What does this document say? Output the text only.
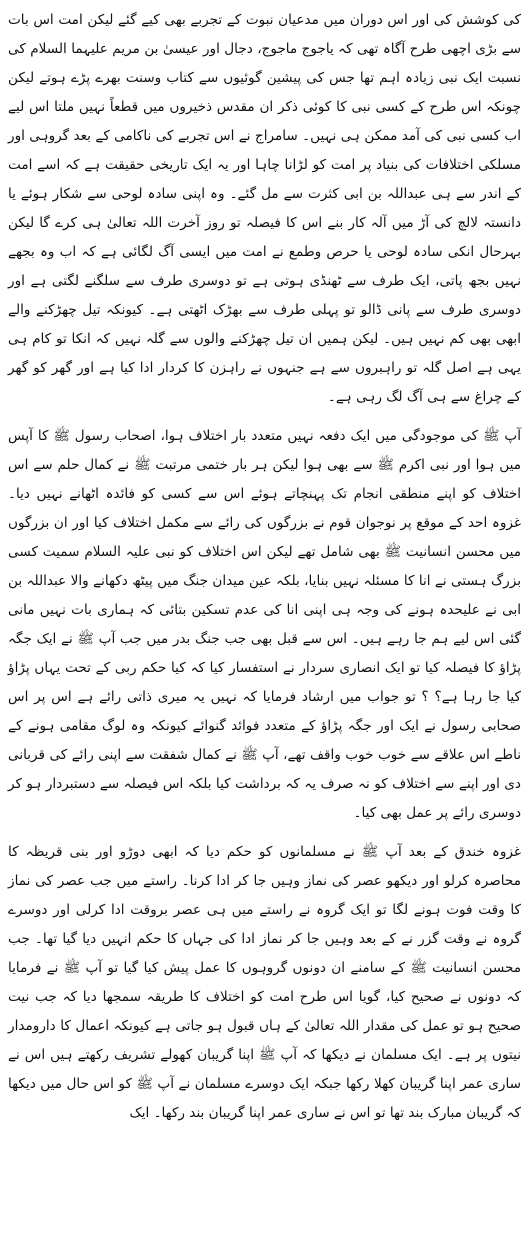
کی کوشش کی اور اس دوران میں مدعیان نبوت کے تجربے بھی کیے گئے لیکن امت اس بات سے بڑی اچھی طرح آگاہ تھی کہ یاجوج ماجوج، دجال اور عیسیٰ بن مریم علیہما السلام کی نسبت ایک نبی زیادہ اہم تھا جس کی پیشین گوئیوں سے کتاب وسنت بھرے پڑے ہوتے لیکن چونکہ اس طرح کے کسی نبی کا کوئی ذکر ان مقدس ذخیروں میں قطعاً نہیں ملتا اس لیے اب کسی نبی کی آمد ممکن ہی نہیں۔ سامراج نے اس تجربے کی ناکامی کے بعد گروہی اور مسلکی اختلافات کی بنیاد پر امت کو لڑانا چاہا اور یہ ایک تاریخی حقیقت ہے کہ اسے امت کے اندر سے ہی عبداللہ بن ابی کثرت سے مل گئے۔ وہ اپنی سادہ لوحی سے شکار ہوئے یا دانستہ لالچ کی آڑ میں آلہ کار بنے اس کا فیصلہ تو روز آخرت اللہ تعالیٰ ہی کرے گا لیکن بہرحال انکی سادہ لوحی یا حرص وطمع نے امت میں ایسی آگ لگائی ہے کہ اب وہ بجھے نہیں بجھ پاتی، ایک طرف سے ٹھنڈی ہوتی ہے تو دوسری طرف سے سلگنے لگتی ہے اور دوسری طرف سے پانی ڈالو تو پہلی طرف سے بھڑک اٹھتی ہے۔ کیونکہ تیل چھڑکنے والے ابھی بھی کم نہیں ہیں۔ لیکن ہمیں ان تیل چھڑکنے والوں سے گلہ نہیں کہ انکا تو کام ہی یہی ہے اصل گلہ تو راہبروں سے ہے جنہوں نے راہزن کا کردار ادا کیا ہے اور گھر کو گھر کے چراغ سے ہی آگ لگ رہی ہے۔

آپ ﷺ کی موجودگی میں ایک دفعہ نہیں متعدد بار اختلاف ہوا، اصحاب رسول ﷺ کا آپس میں ہوا اور نبی اکرم ﷺ سے بھی ہوا لیکن ہر بار ختمی مرتبت ﷺ نے کمال حلم سے اس اختلاف کو اپنے منطقی انجام تک پہنچاتے ہوئے اس سے کسی کو فائدہ اٹھانے نہیں دیا۔ غزوہ احد کے موقع پر نوجوان قوم نے بزرگوں کی رائے سے مکمل اختلاف کیا اور ان بزرگوں میں محسن انسانیت ﷺ بھی شامل تھے لیکن اس اختلاف کو نبی علیہ السلام سمیت کسی بزرگ ہستی نے انا کا مسئلہ نہیں بنایا، بلکہ عین میدان جنگ میں پیٹھ دکھانے والا عبداللہ بن ابی نے علیحدہ ہونے کی وجہ ہی اپنی انا کی عدم تسکین بتائی کہ ہماری بات نہیں مانی گئی اس لیے ہم جا رہے ہیں۔ اس سے قبل بھی جب جنگ بدر میں جب آپ ﷺ نے ایک جگہ پڑاؤ کا فیصلہ کیا تو ایک انصاری سردار نے استفسار کیا کہ کیا حکم ربی کے تحت یہاں پڑاؤ کیا جا رہا ہے؟ ؟ تو جواب میں ارشاد فرمایا کہ نہیں یہ میری ذاتی رائے ہے اس پر اس صحابی رسول نے ایک اور جگہ پڑاؤ کے متعدد فوائد گنوائے کیونکہ وہ لوگ مقامی ہونے کے ناطے اس علاقے سے خوب خوب واقف تھے، آپ ﷺ نے کمال شفقت سے اپنی رائے کی قربانی دی اور اپنے سے اختلاف کو نہ صرف یہ کہ برداشت کیا بلکہ اس فیصلہ سے دستبردار ہو کر دوسری رائے پر عمل بھی کیا۔

غزوہ خندق کے بعد آپ ﷺ نے مسلمانوں کو حکم دیا کہ ابھی دوڑو اور بنی قریظہ کا محاصرہ کرلو اور دیکھو عصر کی نماز وہیں جا کر ادا کرنا۔ راستے میں جب عصر کی نماز کا وقت فوت ہونے لگا تو ایک گروہ نے راستے میں ہی عصر بروقت ادا کرلی اور دوسرے گروہ نے وقت گزر نے کے بعد وہیں جا کر نماز ادا کی جہاں کا حکم انہیں دیا گیا تھا۔ جب محسن انسانیت ﷺ کے سامنے ان دونوں گروہوں کا عمل پیش کیا گیا تو آپ ﷺ نے فرمایا کہ دونوں نے صحیح کیا، گویا اس طرح امت کو اختلاف کا طریقہ سمجھا دیا کہ جب نیت صحیح ہو تو عمل کی مقدار اللہ تعالیٰ کے ہاں قبول ہو جاتی ہے کیونکہ اعمال کا دارومدار نیتوں پر ہے۔ ایک مسلمان نے دیکھا کہ آپ ﷺ اپنا گریبان کھولے تشریف رکھتے ہیں اس نے ساری عمر اپنا گریبان کھلا رکھا جبکہ ایک دوسرے مسلمان نے آپ ﷺ کو اس حال میں دیکھا کہ گریبان مبارک بند تھا تو اس نے ساری عمر اپنا گریبان بند رکھا۔ ایک
